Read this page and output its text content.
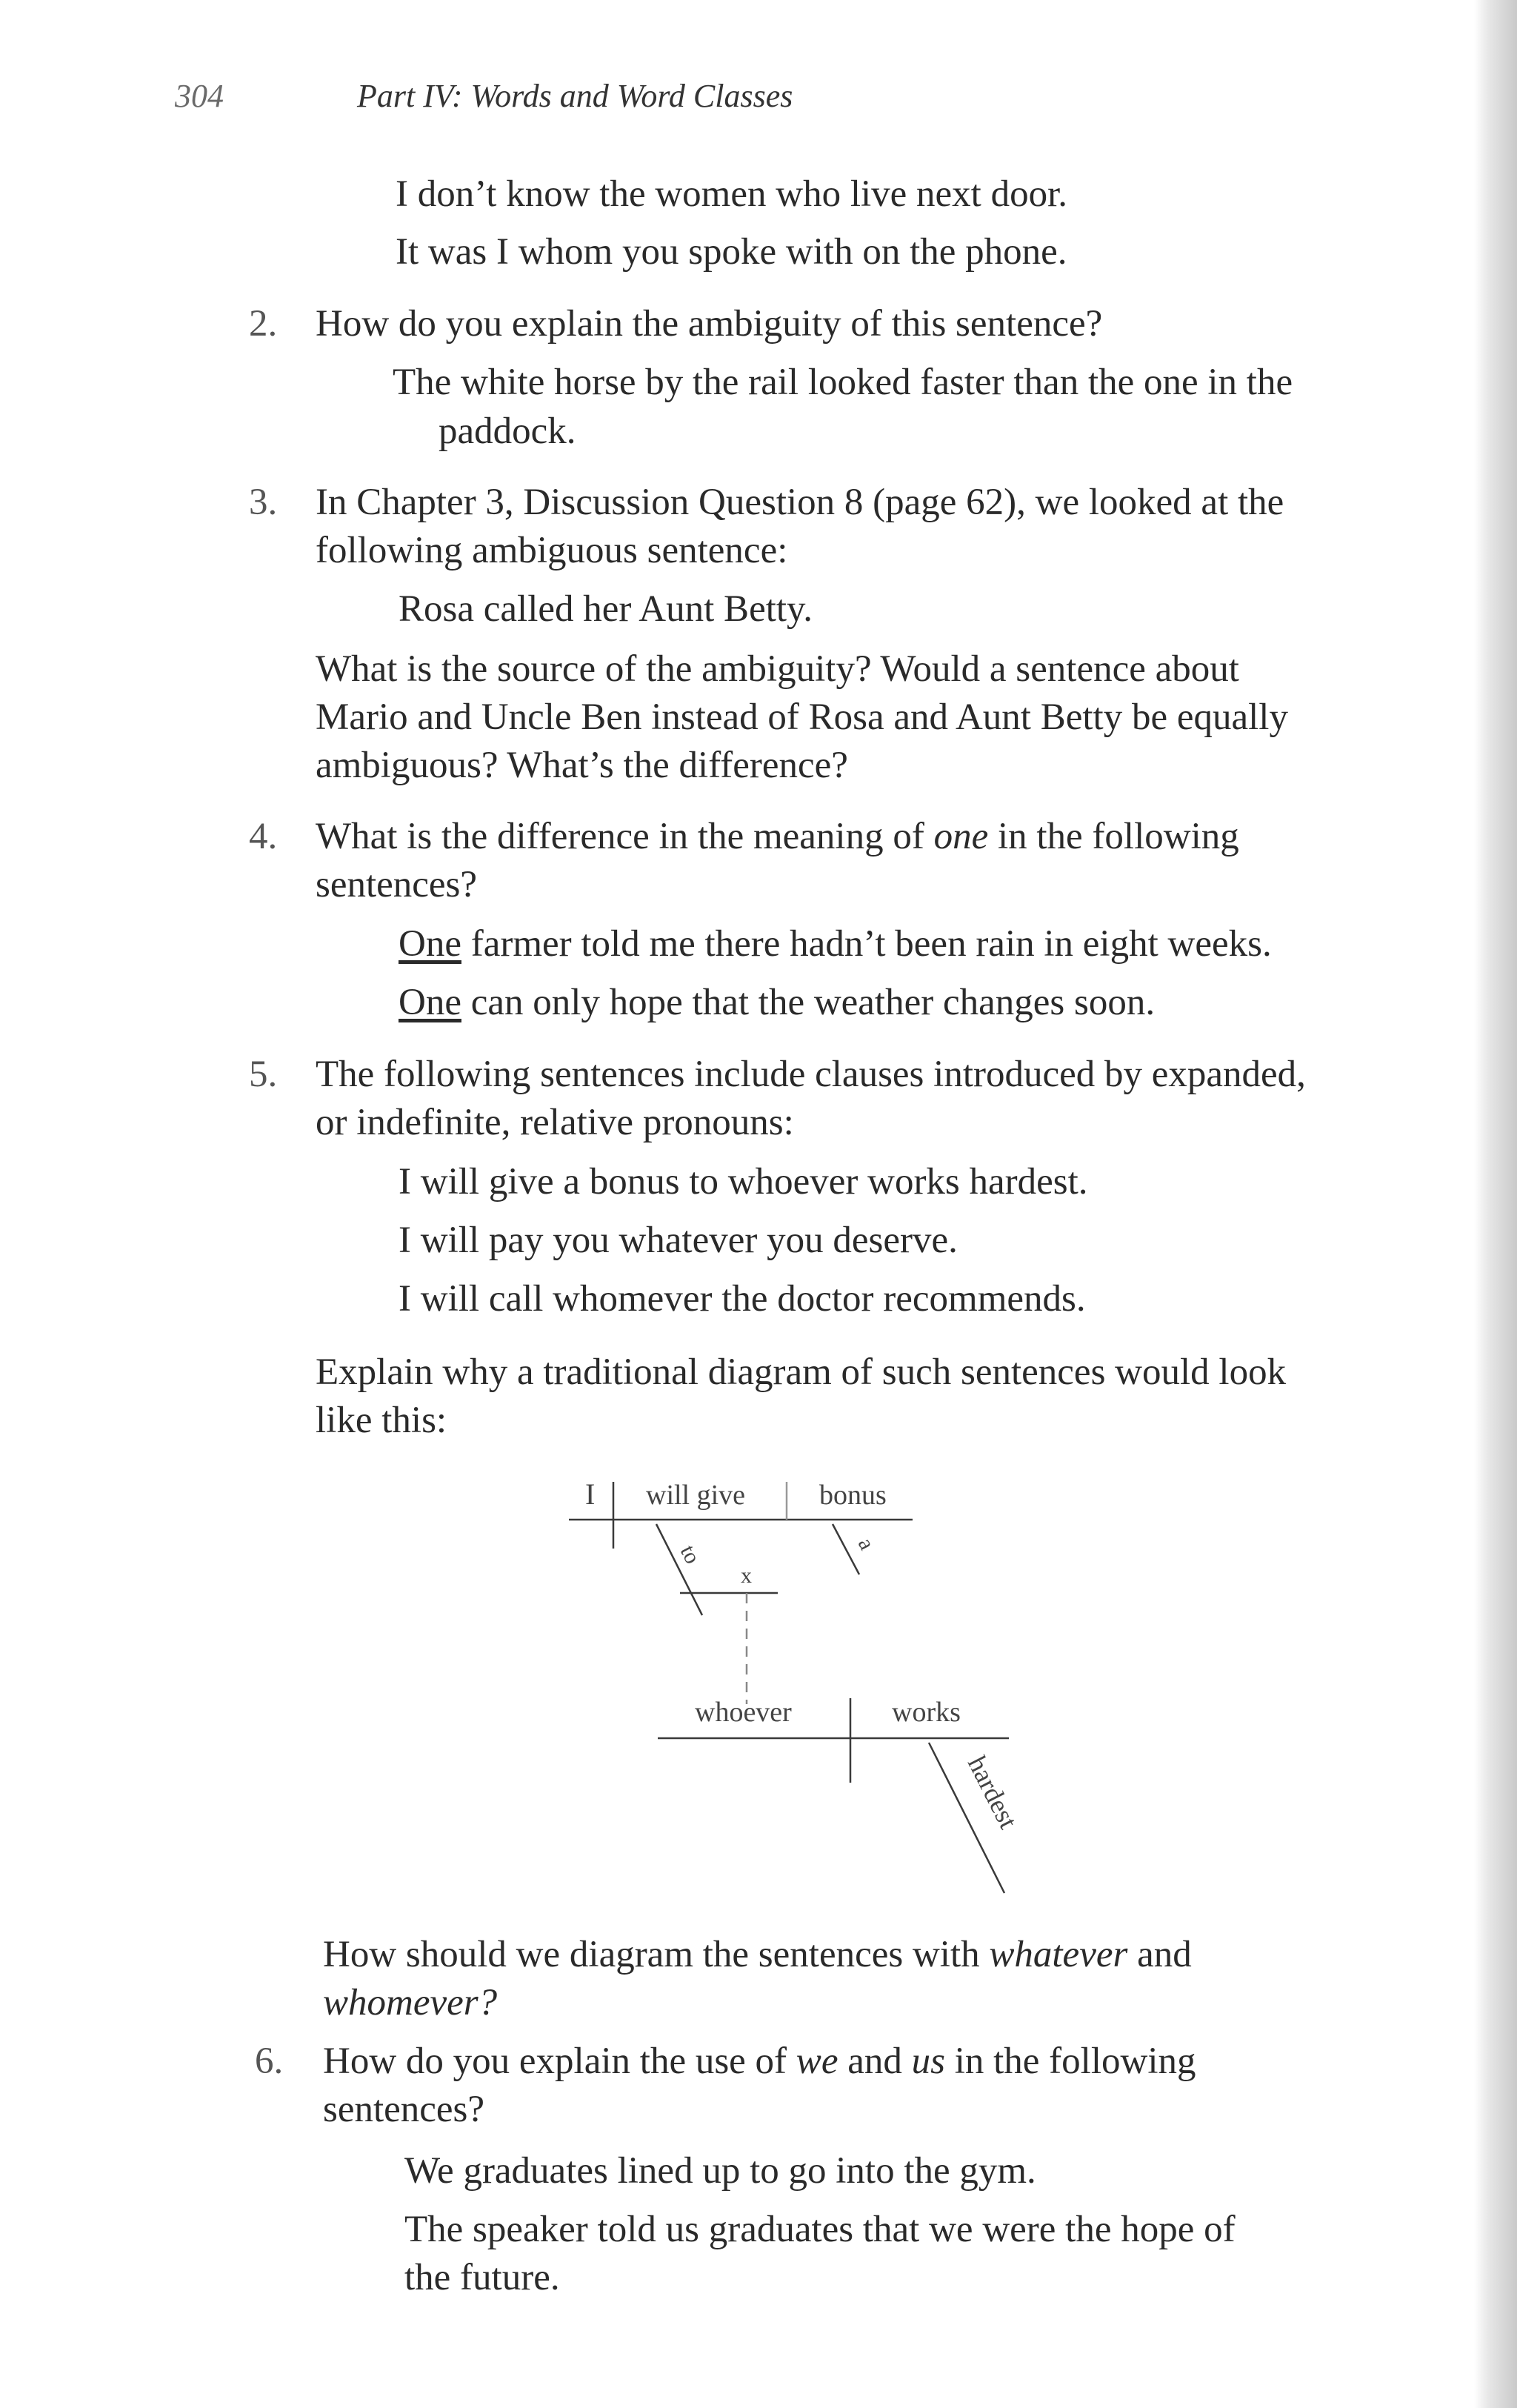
304	Part IV: Words and Word Classes
I don’t know the women who live next door.
It was I whom you spoke with on the phone.
2. How do you explain the ambiguity of this sentence?
The white horse by the rail looked faster than the one in the
paddock.
3. In Chapter 3, Discussion Question 8 (page 62), we looked at the
following ambiguous sentence:
Rosa called her Aunt Betty.
What is the source of the ambiguity? Would a sentence about
Mario and Uncle Ben instead of Rosa and Aunt Betty be equally
ambiguous? What’s the difference?
4. What is the difference in the meaning of one in the following
sentences?
One farmer told me there hadn’t been rain in eight weeks.
One can only hope that the weather changes soon.
5. The following sentences include clauses introduced by expanded,
or indefinite, relative pronouns:
I will give a bonus to whoever works hardest.
I will pay you whatever you deserve.
I will call whomever the doctor recommends.
Explain why a traditional diagram of such sentences would look
like this:
I will give	bonus
to
x
a
whoever	works
hardest
How should we diagram the sentences with whatever and
whomever?
6. How do you explain the use of we and us in the following
sentences?
We graduates lined up to go into the gym.
The speaker told us graduates that we were the hope of
the future.
